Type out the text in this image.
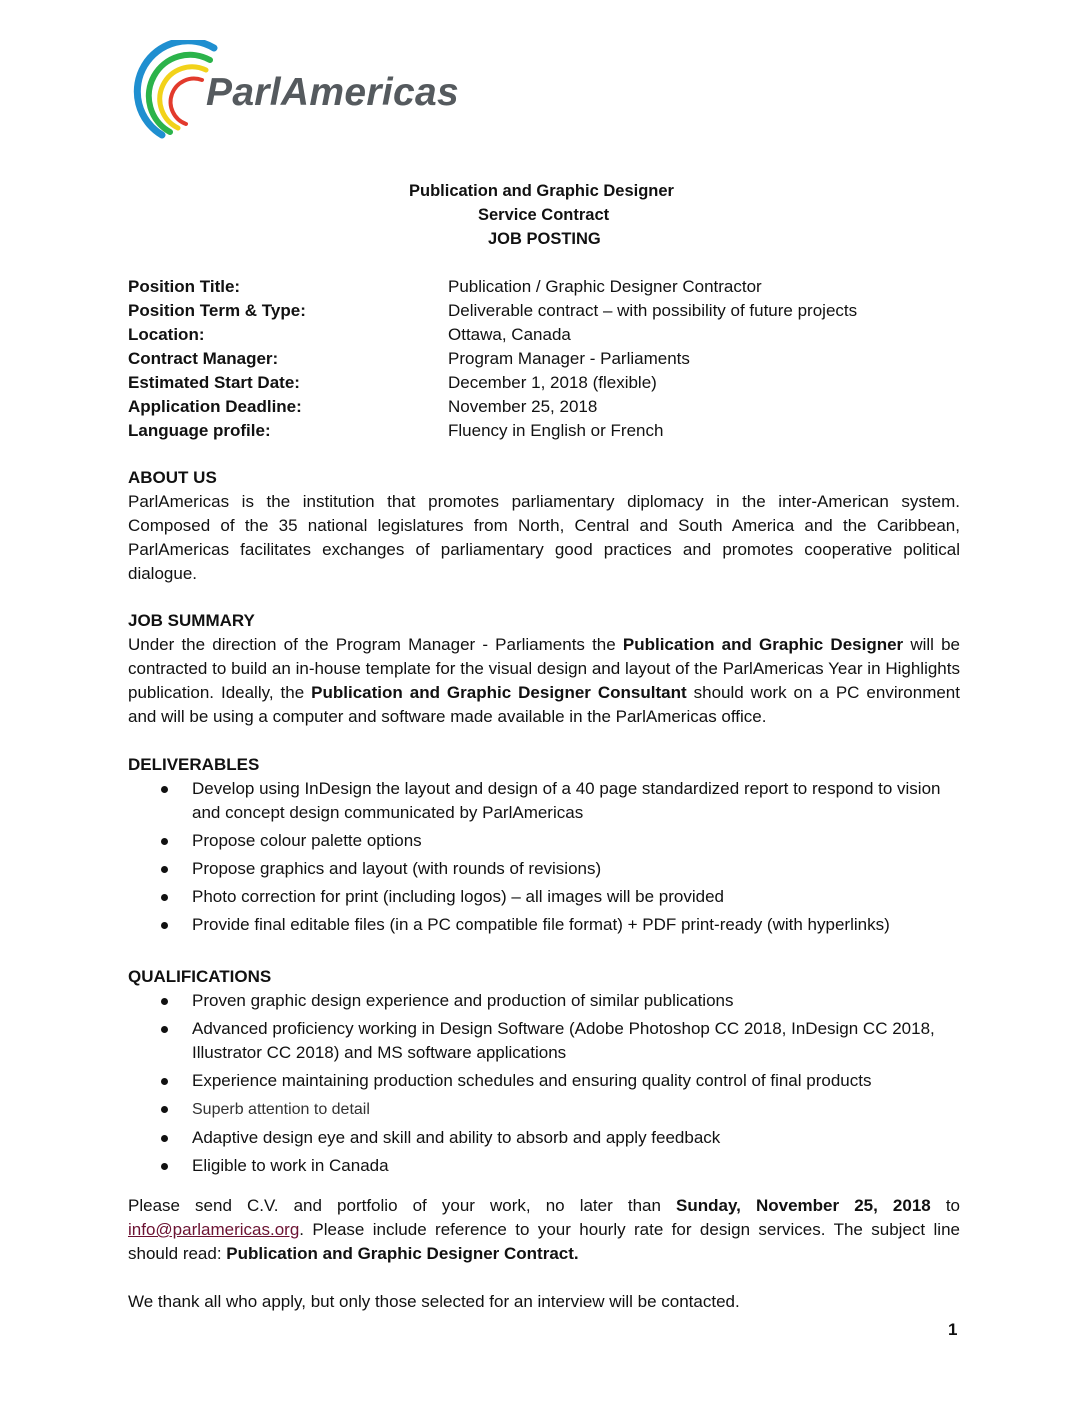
ParlAmericas
Publication and Graphic Designer
Service Contract
JOB POSTING
Position Title:	Publication / Graphic Designer Contractor
Position Term & Type:	Deliverable contract – with possibility of future projects
Location:	Ottawa, Canada
Contract Manager:	Program Manager - Parliaments
Estimated Start Date:	December 1, 2018 (flexible)
Application Deadline:	November 25, 2018
Language profile:	Fluency in English or French
ABOUT US
ParlAmericas is the institution that promotes parliamentary diplomacy in the inter-American system. Composed of the 35 national legislatures from North, Central and South America and the Caribbean, ParlAmericas facilitates exchanges of parliamentary good practices and promotes cooperative political dialogue.
JOB SUMMARY
Under the direction of the Program Manager - Parliaments the Publication and Graphic Designer will be contracted to build an in-house template for the visual design and layout of the ParlAmericas Year in Highlights publication. Ideally, the Publication and Graphic Designer Consultant should work on a PC environment and will be using a computer and software made available in the ParlAmericas office.
DELIVERABLES
Develop using InDesign the layout and design of a 40 page standardized report to respond to vision and concept design communicated by ParlAmericas
Propose colour palette options
Propose graphics and layout (with rounds of revisions)
Photo correction for print (including logos) – all images will be provided
Provide final editable files (in a PC compatible file format) + PDF print-ready (with hyperlinks)
QUALIFICATIONS
Proven graphic design experience and production of similar publications
Advanced proficiency working in Design Software (Adobe Photoshop CC 2018, InDesign CC 2018, Illustrator CC 2018) and MS software applications
Experience maintaining production schedules and ensuring quality control of final products
Superb attention to detail
Adaptive design eye and skill and ability to absorb and apply feedback
Eligible to work in Canada
Please send C.V. and portfolio of your work, no later than Sunday, November 25, 2018 to info@parlamericas.org. Please include reference to your hourly rate for design services. The subject line should read: Publication and Graphic Designer Contract.
We thank all who apply, but only those selected for an interview will be contacted.
1
